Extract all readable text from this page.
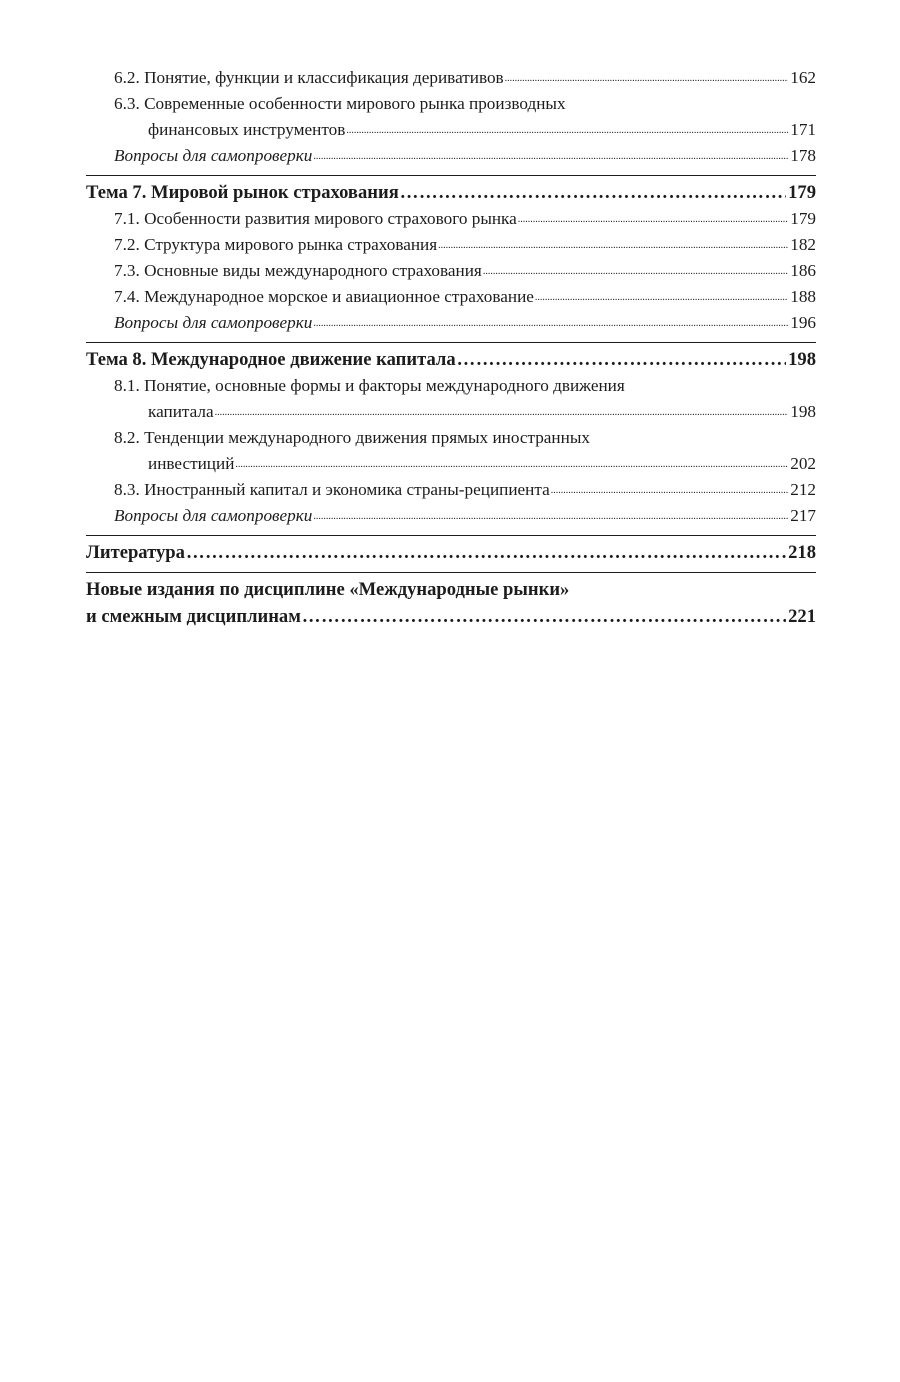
6.2. Понятие, функции и классификация деривативов .....	162
6.3. Современные особенности мирового рынка производных
финансовых инструментов .....	171
Вопросы для самопроверки .....	178
Тема 7. Мировой рынок страхования ……………………………………………………………………………………………………………………………………………	179
7.1. Особенности развития мирового страхового рынка .....	179
7.2. Структура мирового рынка страхования .....	182
7.3. Основные виды международного страхования .....	186
7.4. Международное морское и авиационное страхование .....	188
Вопросы для самопроверки .....	196
Тема 8. Международное движение капитала ……………………………………………………………………………………………………………………………………………	198
8.1. Понятие, основные формы и факторы международного движения
капитала .....	198
8.2. Тенденции международного движения прямых иностранных
инвестиций .....	202
8.3. Иностранный капитал и экономика страны-реципиента .....	212
Вопросы для самопроверки .....	217
Литература ……………………………………………………………………………………………………………………………………………	218
Новые издания по дисциплине «Международные рынки»
и смежным дисциплинам ……………………………………………………………………………………………………………………………………………	221
